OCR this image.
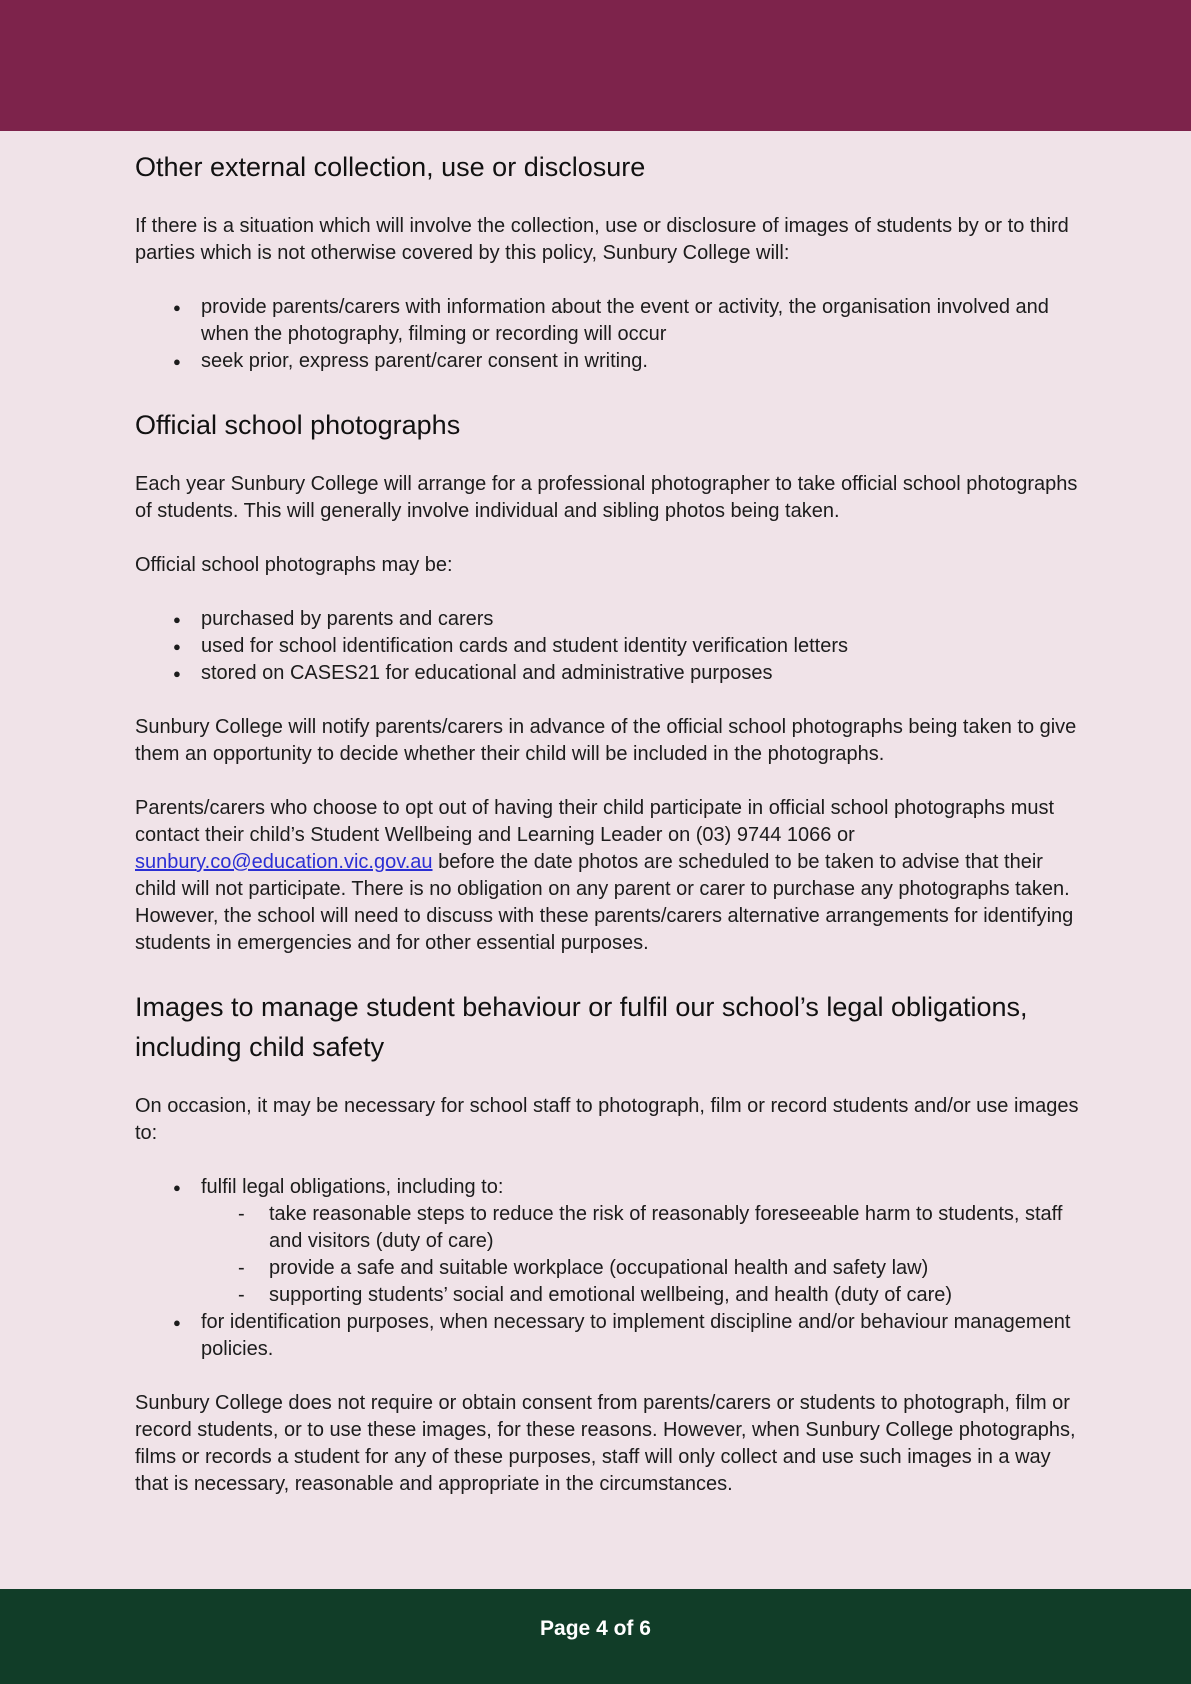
Other external collection, use or disclosure

If there is a situation which will involve the collection, use or disclosure of images of students by or to third parties which is not otherwise covered by this policy, Sunbury College will:

●	provide parents/carers with information about the event or activity, the organisation involved and when the photography, filming or recording will occur
●	seek prior, express parent/carer consent in writing.
Official school photographs

Each year Sunbury College will arrange for a professional photographer to take official school photographs of students. This will generally involve individual and sibling photos being taken.

Official school photographs may be:

●	purchased by parents and carers
●	used for school identification cards and student identity verification letters
●	stored on CASES21 for educational and administrative purposes

Sunbury College will notify parents/carers in advance of the official school photographs being taken to give them an opportunity to decide whether their child will be included in the photographs.

Parents/carers who choose to opt out of having their child participate in official school photographs must contact their child’s Student Wellbeing and Learning Leader on (03) 9744 1066 or sunbury.co@education.vic.gov.au before the date photos are scheduled to be taken to advise that their child will not participate. There is no obligation on any parent or carer to purchase any photographs taken. However, the school will need to discuss with these parents/carers alternative arrangements for identifying students in emergencies and for other essential purposes.

Images to manage student behaviour or fulfil our school’s legal obligations, including child safety

On occasion, it may be necessary for school staff to photograph, film or record students and/or use images to:

●	fulfil legal obligations, including to:
-	take reasonable steps to reduce the risk of reasonably foreseeable harm to students, staff and visitors (duty of care)
-	provide a safe and suitable workplace (occupational health and safety law)
-	supporting students’ social and emotional wellbeing, and health (duty of care)
●	for identification purposes, when necessary to implement discipline and/or behaviour management policies.

Sunbury College does not require or obtain consent from parents/carers or students to photograph, film or record students, or to use these images, for these reasons. However, when Sunbury College photographs, films or records a student for any of these purposes, staff will only collect and use such images in a way that is necessary, reasonable and appropriate in the circumstances.

Page 4 of 6
